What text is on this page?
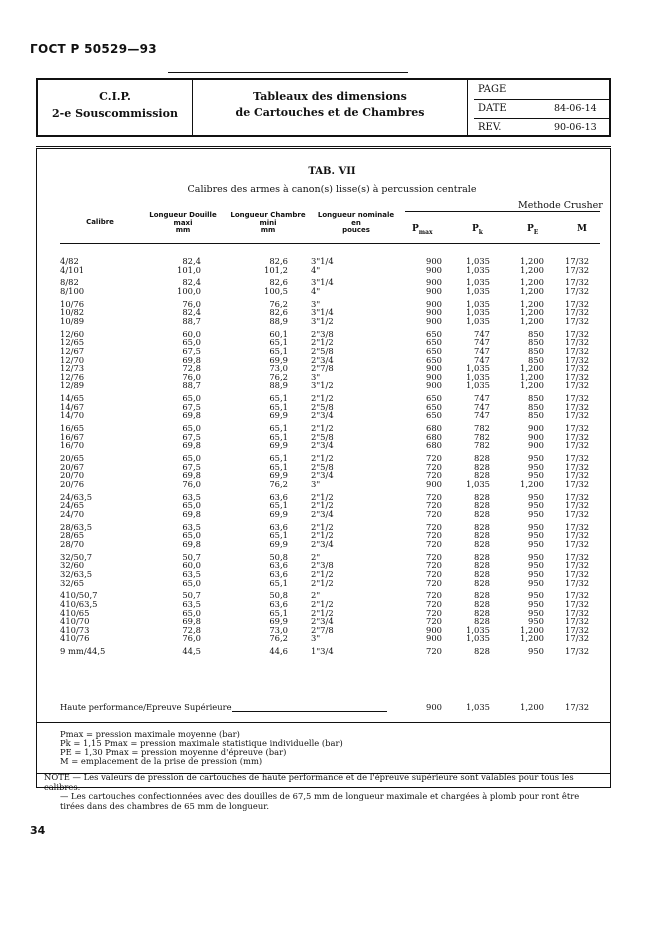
ГОСТ Р 50529—93
C.I.P.
2-e Souscommission
Tableaux des dimensions
de Cartouches et de Chambres
PAGE
DATE	84-06-14
REV.	90-06-13
TAB. VII
Calibres des armes à canon(s) lisse(s) à percussion centrale
Methode Crusher
Calibre
Longueur Douille
maxi
mm
Longueur Chambre
mini
mm
Longueur nominale
en
pouces	$P_{max}$	$P_k$	$P_E$	M
4/82	82,4	82,6	3"1/4	900	1,035	1,200	17/32
4/101	101,0	101,2	4"	900	1,035	1,200	17/32
8/82	82,4	82,6	3"1/4	900	1,035	1,200	17/32
8/100	100,0	100,5	4"	900	1,035	1,200	17/32
10/76	76,0	76,2	3"	900	1,035	1,200	17/32
10/82	82,4	82,6	3"1/4	900	1,035	1,200	17/32
10/89	88,7	88,9	3"1/2	900	1,035	1,200	17/32
12/60	60,0	60,1	2"3/8	650	747	850	17/32
12/65	65,0	65,1	2"1/2	650	747	850	17/32
12/67	67,5	65,1	2"5/8	650	747	850	17/32
12/70	69,8	69,9	2"3/4	650	747	850	17/32
12/73	72,8	73,0	2"7/8	900	1,035	1,200	17/32
12/76	76,0	76,2	3"	900	1,035	1,200	17/32
12/89	88,7	88,9	3"1/2	900	1,035	1,200	17/32
14/65	65,0	65,1	2"1/2	650	747	850	17/32
14/67	67,5	65,1	2"5/8	650	747	850	17/32
14/70	69,8	69,9	2"3/4	650	747	850	17/32
16/65	65,0	65,1	2"1/2	680	782	900	17/32
16/67	67,5	65,1	2"5/8	680	782	900	17/32
16/70	69,8	69,9	2"3/4	680	782	900	17/32
20/65	65,0	65,1	2"1/2	720	828	950	17/32
20/67	67,5	65,1	2"5/8	720	828	950	17/32
20/70	69,8	69,9	2"3/4	720	828	950	17/32
20/76	76,0	76,2	3"	900	1,035	1,200	17/32
24/63,5	63,5	63,6	2"1/2	720	828	950	17/32
24/65	65,0	65,1	2"1/2	720	828	950	17/32
24/70	69,8	69,9	2"3/4	720	828	950	17/32
28/63,5	63,5	63,6	2"1/2	720	828	950	17/32
28/65	65,0	65,1	2"1/2	720	828	950	17/32
28/70	69,8	69,9	2"3/4	720	828	950	17/32
32/50,7	50,7	50,8	2"	720	828	950	17/32
32/60	60,0	63,6	2"3/8	720	828	950	17/32
32/63,5	63,5	63,6	2"1/2	720	828	950	17/32
32/65	65,0	65,1	2"1/2	720	828	950	17/32
410/50,7	50,7	50,8	2"	720	828	950	17/32
410/63,5	63,5	63,6	2"1/2	720	828	950	17/32
410/65	65,0	65,1	2"1/2	720	828	950	17/32
410/70	69,8	69,9	2"3/4	720	828	950	17/32
410/73	72,8	73,0	2"7/8	900	1,035	1,200	17/32
410/76	76,0	76,2	3"	900	1,035	1,200	17/32
9 mm/44,5	44,5	44,6	1"3/4	720	828	950	17/32
Haute performance/Epreuve Supérieure	900	1,035	1,200	17/32
Pmax = pression maximale moyenne (bar)
Pk = 1,15 Pmax = pression maximale statistique individuelle (bar)
PE = 1,30 Pmax = pression moyenne d'épreuve (bar)
M = emplacement de la prise de pression (mm)
NOTE — Les valeurs de pression de cartouches de haute performance et de l'épreuve supérieure sont valables pour tous les calibres.
— Les cartouches confectionnées avec des douilles de 67,5 mm de longueur maximale et chargées à plomb pour ront être tirées dans des chambres de 65 mm de longueur.
34
